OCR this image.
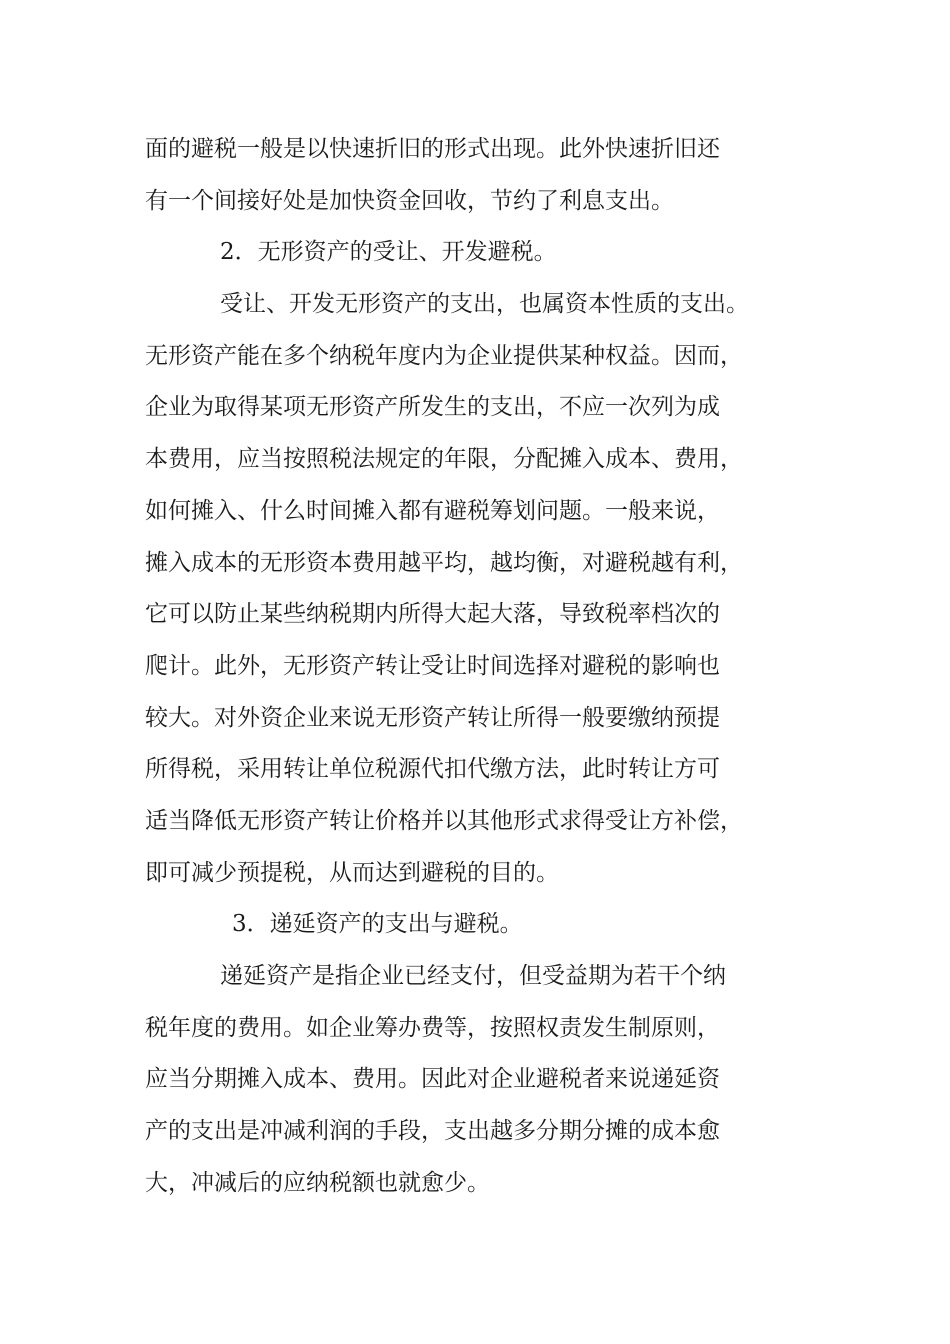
面的避税一般是以快速折旧的形式出现。此外快速折旧还
有一个间接好处是加快资金回收，节约了利息支出。
2．无形资产的受让、开发避税。
受让、开发无形资产的支出，也属资本性质的支出。
无形资产能在多个纳税年度内为企业提供某种权益。因而，
企业为取得某项无形资产所发生的支出，不应一次列为成
本费用，应当按照税法规定的年限，分配摊入成本、费用，
如何摊入、什么时间摊入都有避税筹划问题。一般来说，
摊入成本的无形资本费用越平均，越均衡，对避税越有利，
它可以防止某些纳税期内所得大起大落，导致税率档次的
爬计。此外，无形资产转让受让时间选择对避税的影响也
较大。对外资企业来说无形资产转让所得一般要缴纳预提
所得税，采用转让单位税源代扣代缴方法，此时转让方可
适当降低无形资产转让价格并以其他形式求得受让方补偿，
即可减少预提税，从而达到避税的目的。
3．递延资产的支出与避税。
递延资产是指企业已经支付，但受益期为若干个纳
税年度的费用。如企业筹办费等，按照权责发生制原则，
应当分期摊入成本、费用。因此对企业避税者来说递延资
产的支出是冲减利润的手段，支出越多分期分摊的成本愈
大，冲减后的应纳税额也就愈少。
